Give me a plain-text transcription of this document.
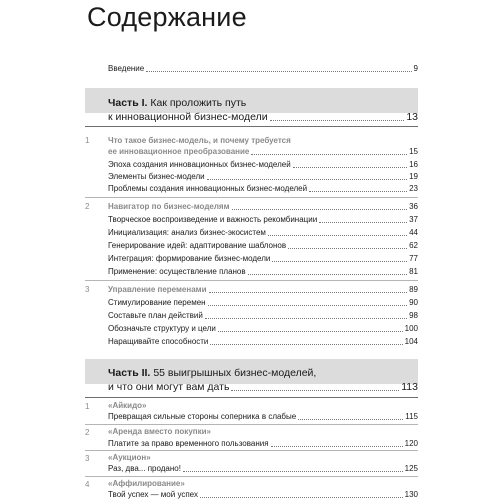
Содержание
Введение	9
Часть I. Как проложить путь
к инновационной бизнес-модели	13
1	Что такое бизнес-модель, и почему требуется
ее инновационное преобразование	15
Эпоха создания инновационных бизнес-моделей	16
Элементы бизнес-модели	19
Проблемы создания инновационных бизнес-моделей	23
2	Навигатор по бизнес-моделям	36
Творческое воспроизведение и важность рекомбинации	37
Инициализация: анализ бизнес-экосистем	44
Генерирование идей: адаптирование шаблонов	62
Интеграция: формирование бизнес-модели	77
Применение: осуществление планов	81
3	Управление переменами	89
Стимулирование перемен	90
Составьте план действий	98
Обозначьте структуру и цели	100
Наращивайте способности	104
Часть II. 55 выигрышных бизнес-моделей,
и что они могут вам дать	113
1	«Айкидо»
Превращая сильные стороны соперника в слабые	115
2	«Аренда вместо покупки»
Платите за право временного пользования	120
3	«Аукцион»
Раз, два... продано!	125
4	«Аффилирование»
Твой успех — мой успех	130
